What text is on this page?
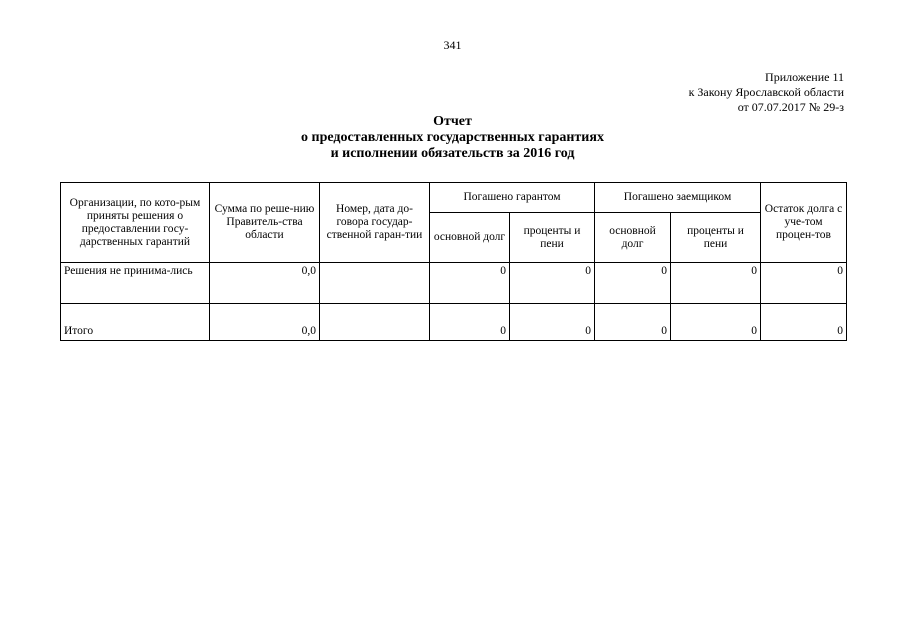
341
Приложение 11
к Закону Ярославской области
от 07.07.2017 № 29-з
Отчет
о предоставленных государственных гарантиях
и исполнении обязательств за 2016 год
Организации, по кото-рым приняты решения о предоставлении госу-дарственных гарантий	Сумма по реше-нию Правитель-ства области	Номер, дата до-говора государ-ственной гаран-тии	Погашено гарантом		Погашено заемщиком		Остаток долга с уче-том процен-тов
			основной долг	проценты и пени	основной долг	проценты и пени	
Решения не принима-лись	0,0		0	0	0	0	0
Итого	0,0		0	0	0	0	0
